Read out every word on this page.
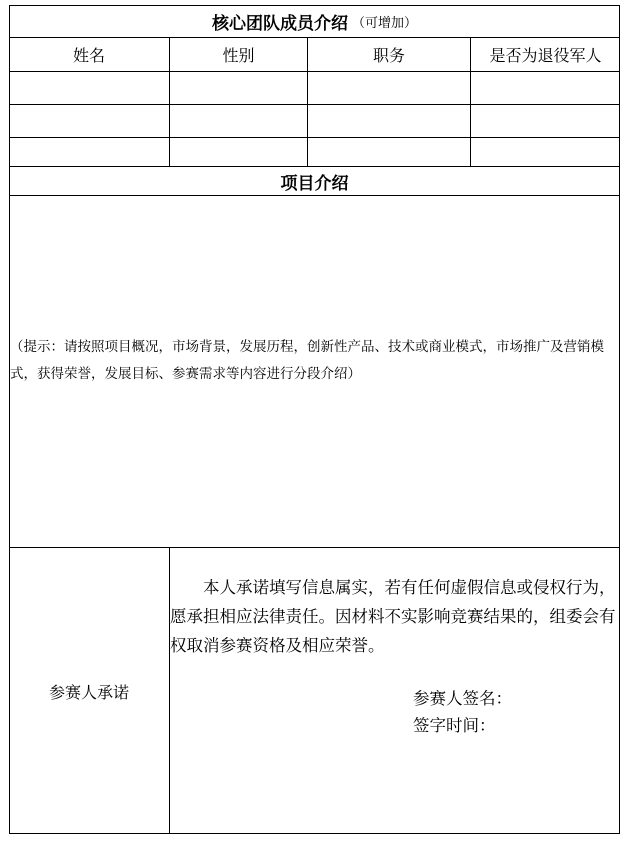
核心团队成员介绍 （可增加）
姓名	性别	职务	是否为退役军人
项目介绍
（提示：请按照项目概况，市场背景，发展历程，创新性产品、技术或商业模式，市场推广及营销模式，获得荣誉，发展目标、参赛需求等内容进行分段介绍）
参赛人承诺

本人承诺填写信息属实，若有任何虚假信息或侵权行为，愿承担相应法律责任。因材料不实影响竞赛结果的，组委会有权取消参赛资格及相应荣誉。

参赛人签名：
签字时间：
